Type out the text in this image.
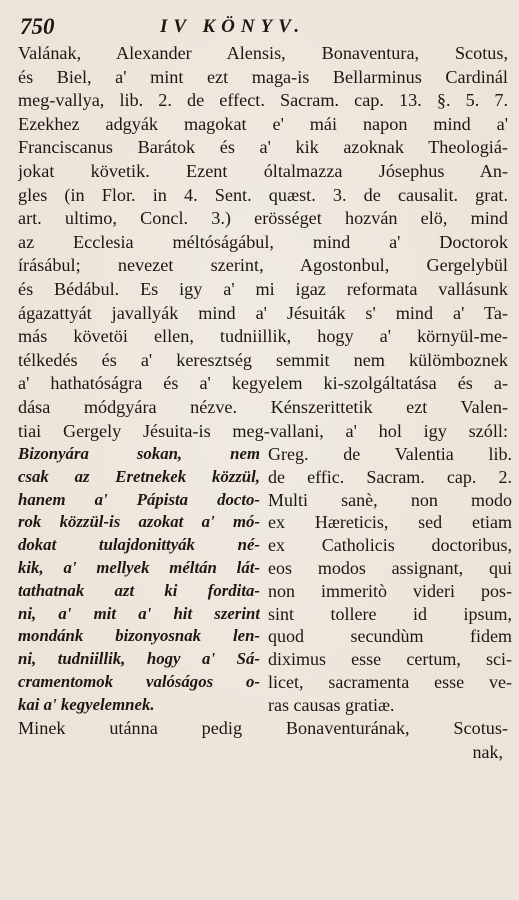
750	IV KÖNYV.
Valának, Alexander Alensis, Bonaventura, Scotus,
és Biel, a' mint ezt maga-is Bellarminus Cardinál
meg-vallya, lib. 2. de effect. Sacram. cap. 13. §. 5. 7.
Ezekhez adgyák magokat e' mái napon mind a'
Franciscanus Barátok és a' kik azoknak Theologiá-
jokat követik. Ezent óltalmazza Jósephus An-
gles (in Flor. in 4. Sent. quæst. 3. de causalit. grat.
art. ultimo, Concl. 3.) erösséget hozván elö, mind
az Ecclesia méltóságábul, mind a' Doctorok
írásábul; nevezet szerint, Agostonbul, Gergelybül
és Bédábul. Es igy a' mi igaz reformata vallásunk
ágazattyát javallyák mind a' Jésuiták s' mind a' Ta-
más követöi ellen, tudniillik, hogy a' környül-me-
télkedés és a' keresztség semmit nem külömboznek
a' hathatóságra és a' kegyelem ki-szolgáltatása és a-
dása módgyára nézve. Kénszerittetik ezt Valen-
tiai Gergely Jésuita-is meg-vallani, a' hol igy szóll:
Bizonyára sokan, nem
csak az Eretnekek közzül,
hanem a' Pápista docto-
rok közzül-is azokat a' mó-
dokat tulajdonittyák né-
kik, a' mellyek méltán lát-
tathatnak azt ki fordita-
ni, a' mit a' hit szerint
mondánk bizonyosnak len-
ni, tudniillik, hogy a' Sá-
cramentomok valóságos o-
kai a' kegyelemnek.
Greg. de Valentia lib.
de effic. Sacram. cap. 2.
Multi sanè, non modo
ex Hæreticis, sed etiam
ex Catholicis doctoribus,
eos modos assignant, qui
non immeritò videri pos-
sint tollere id ipsum,
quod secundùm fidem
diximus esse certum, sci-
licet, sacramenta esse ve-
ras causas gratiæ.
Minek utánna pedig Bonaventurának, Scotus-
nak,
